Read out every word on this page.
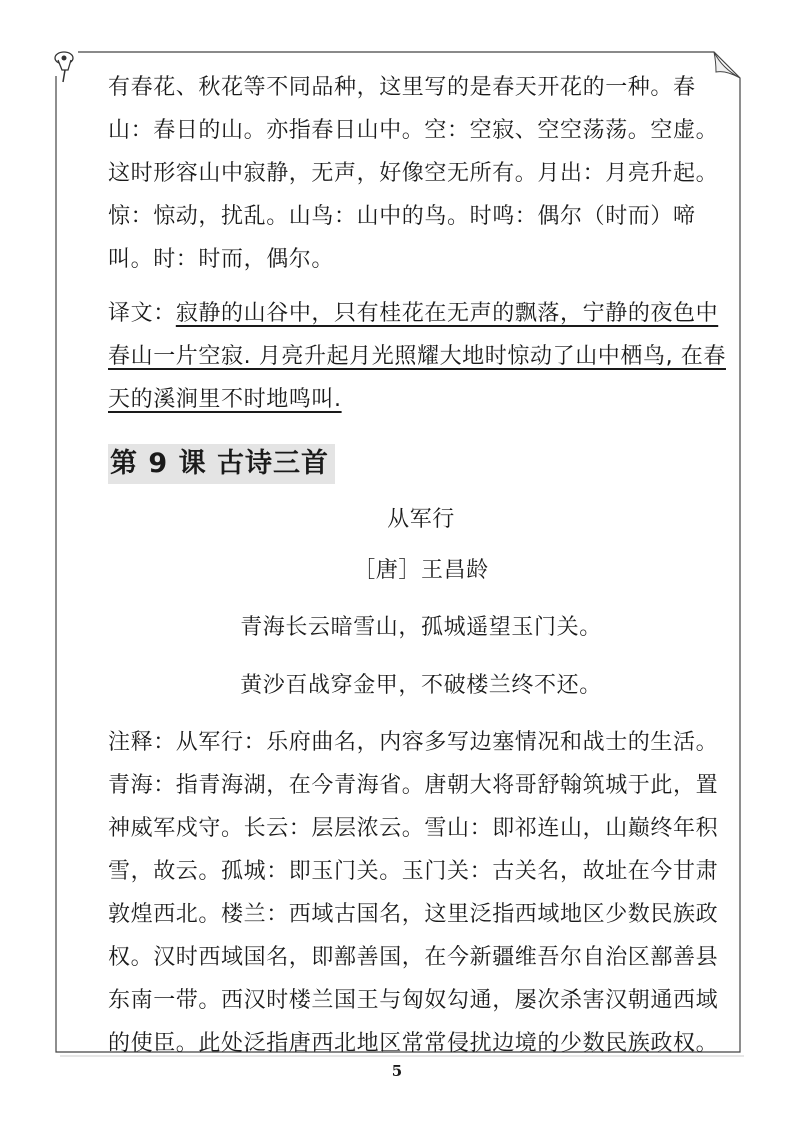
有春花、秋花等不同品种，这里写的是春天开花的一种。春山：春日的山。亦指春日山中。空：空寂、空空荡荡。空虚。这时形容山中寂静，无声，好像空无所有。月出：月亮升起。惊：惊动，扰乱。山鸟：山中的鸟。时鸣：偶尔（时而）啼叫。时：时而，偶尔。

译文：寂静的山谷中，只有桂花在无声的飘落，宁静的夜色中春山一片空寂. 月亮升起月光照耀大地时惊动了山中栖鸟, 在春天的溪涧里不时地鸣叫.

第 9 课 古诗三首

从军行

［唐］王昌龄

青海长云暗雪山，孤城遥望玉门关。

黄沙百战穿金甲，不破楼兰终不还。

注释：从军行：乐府曲名，内容多写边塞情况和战士的生活。青海：指青海湖，在今青海省。唐朝大将哥舒翰筑城于此，置神威军戍守。长云：层层浓云。雪山：即祁连山，山巅终年积雪，故云。孤城：即玉门关。玉门关：古关名，故址在今甘肃敦煌西北。楼兰：西域古国名，这里泛指西域地区少数民族政权。汉时西域国名，即鄯善国，在今新疆维吾尔自治区鄯善县东南一带。西汉时楼兰国王与匈奴勾通，屡次杀害汉朝通西域的使臣。此处泛指唐西北地区常常侵扰边境的少数民族政权。

5
